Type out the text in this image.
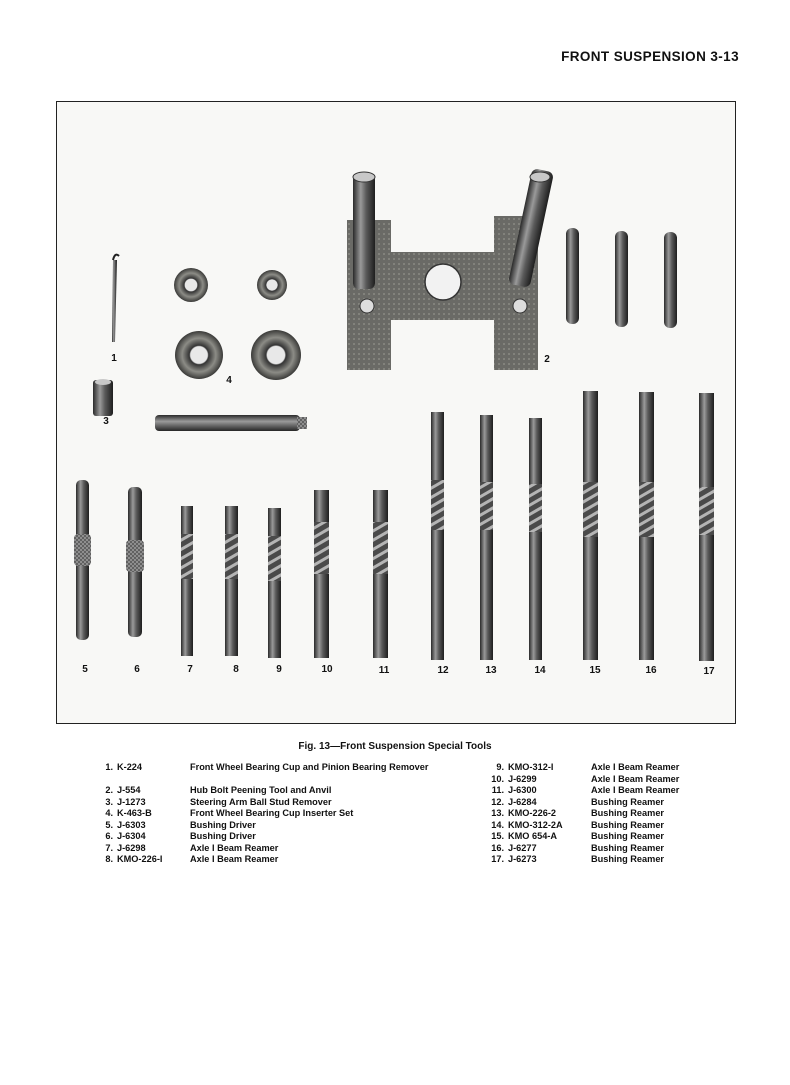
FRONT SUSPENSION 3-13
1	2
3
4
5	6	7	8	9	10	11	12	13	14	15	16	17
Fig. 13—Front Suspension Special Tools
1. K-224	Front Wheel Bearing Cup and Pinion Bearing Remover
2. J-554	Hub Bolt Peening Tool and Anvil
3. J-1273	Steering Arm Ball Stud Remover
4. K-463-B	Front Wheel Bearing Cup Inserter Set
5. J-6303	Bushing Driver
6. J-6304	Bushing Driver
7. J-6298	Axle I Beam Reamer
8. KMO-226-I	Axle I Beam Reamer
9. KMO-312-I	Axle I Beam Reamer
10. J-6299	Axle I Beam Reamer
11. J-6300	Axle I Beam Reamer
12. J-6284	Bushing Reamer
13. KMO-226-2	Bushing Reamer
14. KMO-312-2A	Bushing Reamer
15. KMO 654-A	Bushing Reamer
16. J-6277	Bushing Reamer
17. J-6273	Bushing Reamer
